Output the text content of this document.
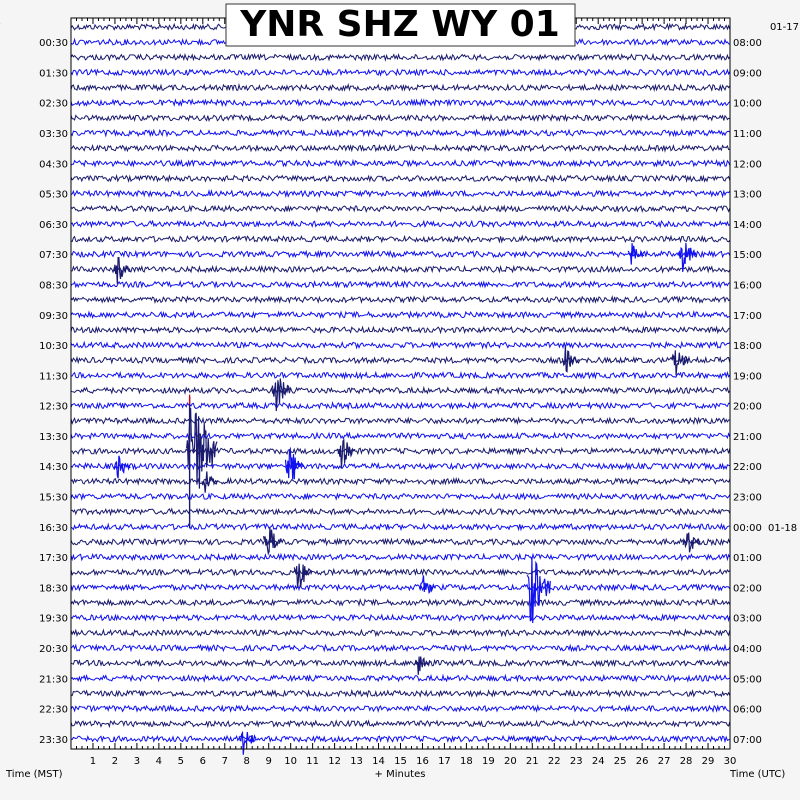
1 2 3 4 5 6 7 8 9 10 11 12 13 14 15 16 17 18 19 20 21 22 23 24 25 26 27 28 29 30
00:30
01:30
02:30
03:30
04:30
05:30
06:30
07:30
08:30
09:30
10:30
11:30
12:30
13:30
14:30
15:30
16:30
17:30
18:30
19:30
20:30
21:30
22:30
23:30
08:00
09:00
10:00
11:00
12:00
13:00
14:00
15:00
16:00
17:00
18:00
19:00
20:00
21:00
22:00
23:00
00:00 01-18
01:00
02:00
03:00
04:00
05:00
06:00
07:00
YNR SHZ WY 01	01-17
Time (MST)	+ Minutes	Time (UTC)
